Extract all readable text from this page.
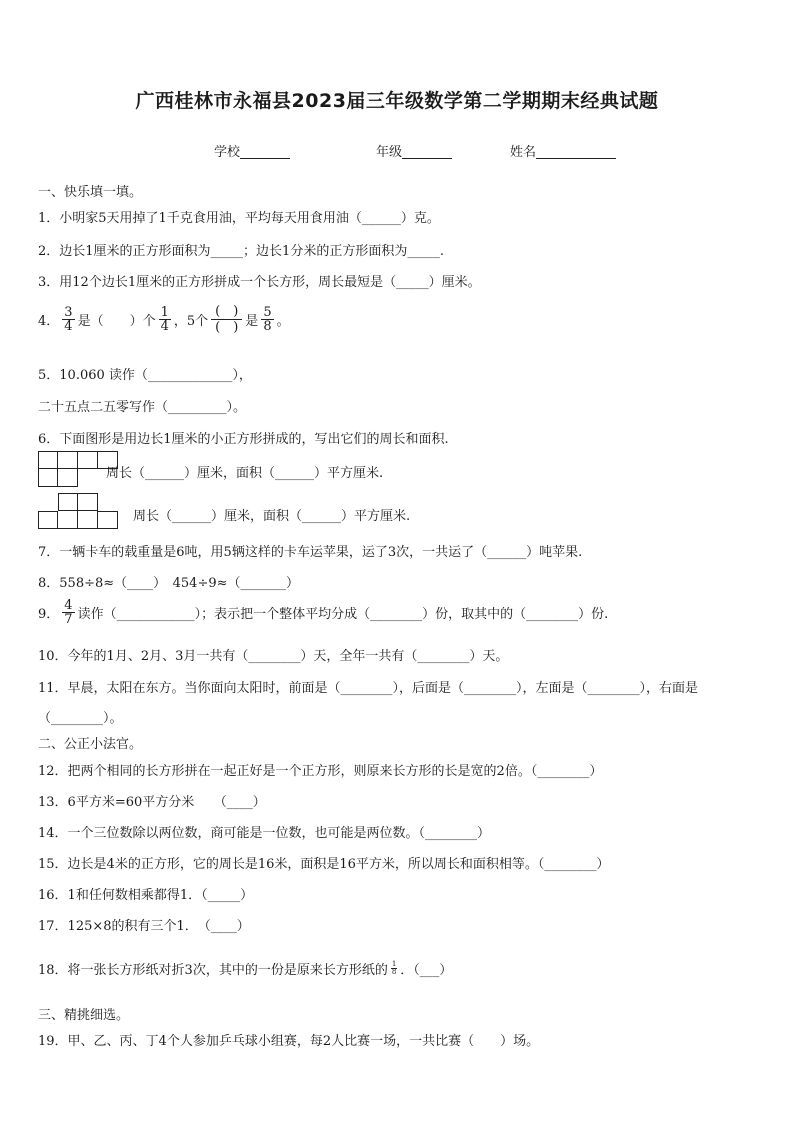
广西桂林市永福县2023届三年级数学第二学期期末经典试题
学校	年级	姓名
一、快乐填一填。
1．小明家5天用掉了1千克食用油，平均每天用食用油（______）克。
2．边长1厘米的正方形面积为_____；边长1分米的正方形面积为_____.
3．用12个边长1厘米的正方形拼成一个长方形，周长最短是（_____）厘米。
4． $\frac{3}{4}$ 是（　　）个 $\frac{1}{4}$ ，5个 $\frac{( )}{( )}$ 是 $\frac{5}{8}$ 。
5．10.060 读作（_____________），
二十五点二五零写作（_________）。
6．下面图形是用边长1厘米的小正方形拼成的，写出它们的周长和面积.
周长（______）厘米，面积（______）平方厘米.
周长（______）厘米，面积（______）平方厘米.
7．一辆卡车的载重量是6吨，用5辆这样的卡车运苹果，运了3次，一共运了（______）吨苹果.
8．558÷8≈（____）　454÷9≈（_______）
9． $\frac{4}{7}$ 读作（____________）；表示把一个整体平均分成（________）份，取其中的（________）份.
10．今年的1月、2月、3月一共有（________）天，全年一共有（________）天。
11．早晨，太阳在东方。当你面向太阳时，前面是（________），后面是（________），左面是（________），右面是
（________）。
二、公正小法官。
12．把两个相同的长方形拼在一起正好是一个正方形，则原来长方形的长是宽的2倍。（________）
13．6平方米=60平方分米　　（____）
14．一个三位数除以两位数，商可能是一位数，也可能是两位数。（________）
15．边长是4米的正方形，它的周长是16米，面积是16平方米，所以周长和面积相等。（________）
16．1和任何数相乘都得1．（_____）
17．125×8的积有三个1．　（____）
18．将一张长方形纸对折3次，其中的一份是原来长方形纸的 $\frac{1}{8}$ ．（___）
三、精挑细选。
19．甲、乙、丙、丁4个人参加乒乓球小组赛，每2人比赛一场，一共比赛（　　）场。
